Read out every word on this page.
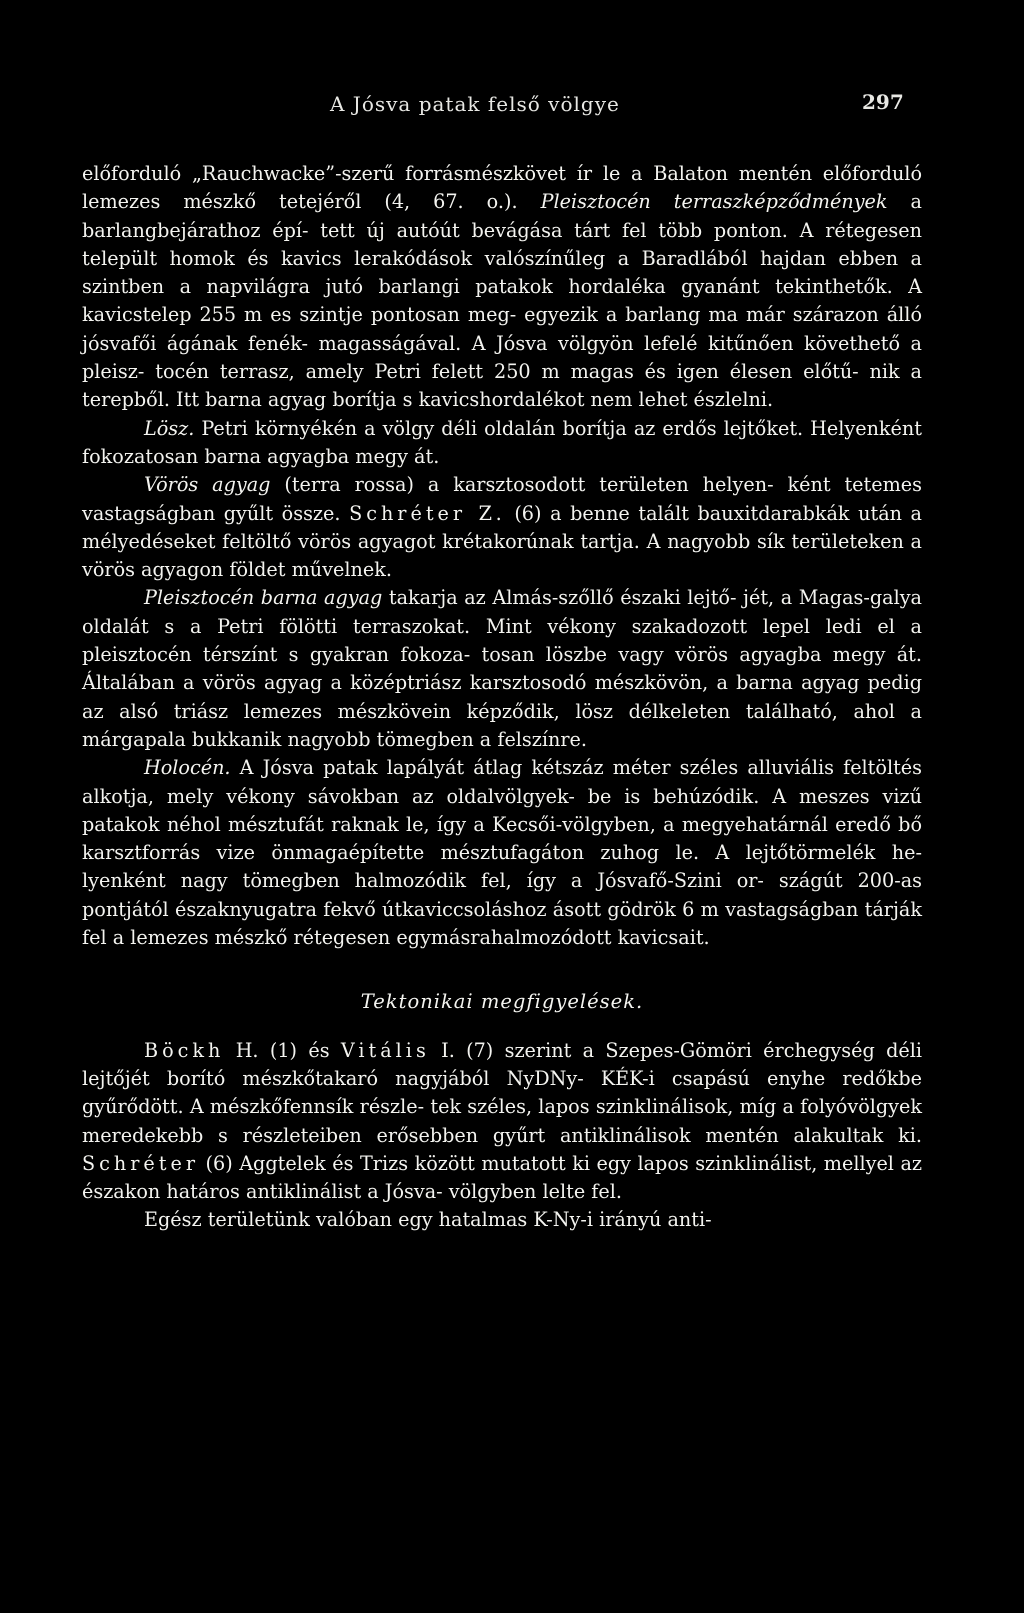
A Jósva patak felső völgye	297

előforduló „Rauchwacke”-szerű forrásmészkövet ír le a Balaton mentén előforduló lemezes mészkő tetejéről (4, 67. o.). Pleisztocén terraszképződmények a barlangbejárathoz épí- tett új autóút bevágása tárt fel több ponton. A rétegesen települt homok és kavics lerakódások valószínűleg a Baradlából hajdan ebben a szintben a napvilágra jutó barlangi patakok hordaléka gyanánt tekinthetők. A kavicstelep 255 m es szintje pontosan meg- egyezik a barlang ma már szárazon álló jósvafői ágának fenék- magasságával. A Jósva völgyön lefelé kitűnően követhető a pleisz- tocén terrasz, amely Petri felett 250 m magas és igen élesen előtű- nik a terepből. Itt barna agyag borítja s kavicshordalékot nem lehet észlelni.

Lösz. Petri környékén a völgy déli oldalán borítja az erdős lejtőket. Helyenként fokozatosan barna agyagba megy át.

Vörös agyag (terra rossa) a karsztosodott területen helyen- ként tetemes vastagságban gyűlt össze. Schréter Z. (6) a benne talált bauxitdarabkák után a mélyedéseket feltöltő vörös agyagot krétakorúnak tartja. A nagyobb sík területeken a vörös agyagon földet művelnek.

Pleisztocén barna agyag takarja az Almás-szőllő északi lejtő- jét, a Magas-galya oldalát s a Petri fölötti terraszokat. Mint vékony szakadozott lepel ledi el a pleisztocén térszínt s gyakran fokoza- tosan löszbe vagy vörös agyagba megy át. Általában a vörös agyag a középtriász karsztosodó mészkövön, a barna agyag pedig az alsó triász lemezes mészkövein képződik, lösz délkeleten található, ahol a márgapala bukkanik nagyobb tömegben a felszínre.

Holocén. A Jósva patak lapályát átlag kétszáz méter széles alluviális feltöltés alkotja, mely vékony sávokban az oldalvölgyek- be is behúzódik. A meszes vizű patakok néhol mésztufát raknak le, így a Kecsői-völgyben, a megyehatárnál eredő bő karsztforrás vize önmagaépítette mésztufagáton zuhog le. A lejtőtörmelék he- lyenként nagy tömegben halmozódik fel, így a Jósvafő-Szini or- szágút 200-as pontjától északnyugatra fekvő útkaviccsoláshoz ásott gödrök 6 m vastagságban tárják fel a lemezes mészkő rétegesen egymásrahalmozódott kavicsait.

Tektonikai megfigyelések.

Böckh H. (1) és Vitális I. (7) szerint a Szepes-Gömöri érchegység déli lejtőjét borító mészkőtakaró nagyjából NyDNy- KÉK-i csapású enyhe redőkbe gyűrődött. A mészkőfennsík részle- tek széles, lapos szinklinálisok, míg a folyóvölgyek meredekebb s részleteiben erősebben gyűrt antiklinálisok mentén alakultak ki. Schréter (6) Aggtelek és Trizs között mutatott ki egy lapos szinklinálist, mellyel az északon határos antiklinálist a Jósva- völgyben lelte fel.

Egész területünk valóban egy hatalmas K-Ny-i irányú anti-
